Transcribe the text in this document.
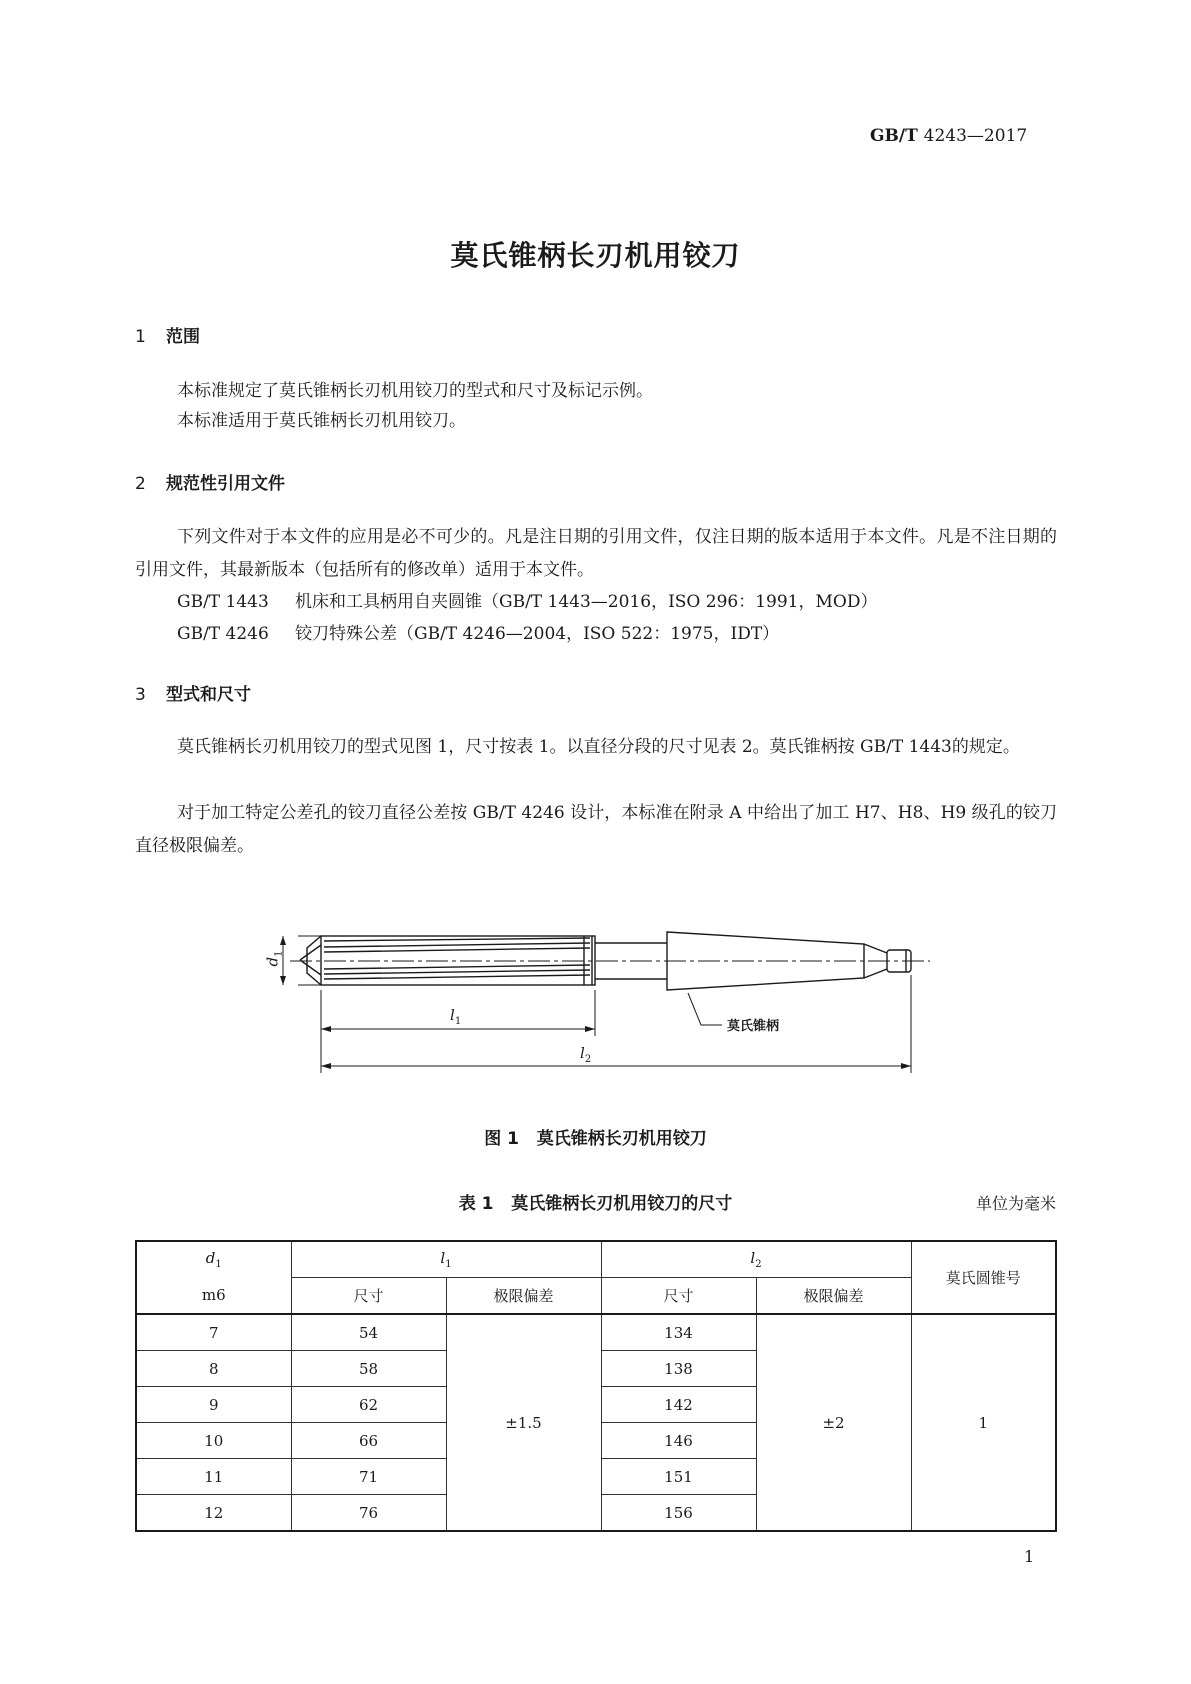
GB/T 4243—2017
莫氏锥柄长刃机用铰刀
1 范围
本标准规定了莫氏锥柄长刃机用铰刀的型式和尺寸及标记示例。
本标准适用于莫氏锥柄长刃机用铰刀。
2 规范性引用文件
下列文件对于本文件的应用是必不可少的。凡是注日期的引用文件，仅注日期的版本适用于本文件。凡是不注日期的引用文件，其最新版本（包括所有的修改单）适用于本文件。
GB/T 1443 机床和工具柄用自夹圆锥（GB/T 1443—2016，ISO 296：1991，MOD）
GB/T 4246 铰刀特殊公差（GB/T 4246—2004，ISO 522：1975，IDT）
3 型式和尺寸
莫氏锥柄长刃机用铰刀的型式见图 1，尺寸按表 1。以直径分段的尺寸见表 2。莫氏锥柄按 GB/T 1443的规定。
对于加工特定公差孔的铰刀直径公差按 GB/T 4246 设计，本标准在附录 A 中给出了加工 H7、H8、H9 级孔的铰刀直径极限偏差。
$d_1$
$l_1$
$l_2$
莫氏锥柄
图 1 莫氏锥柄长刃机用铰刀
表 1 莫氏锥柄长刃机用铰刀的尺寸	单位为毫米
$d_1$	$l_1$		$l_2$		莫氏圆锥号
m6	尺寸	极限偏差	尺寸	极限偏差	
7	54	±1.5	134	±2	1
8	58		138		
9	62		142		
10	66		146		
11	71		151		
12	76		156		
1
